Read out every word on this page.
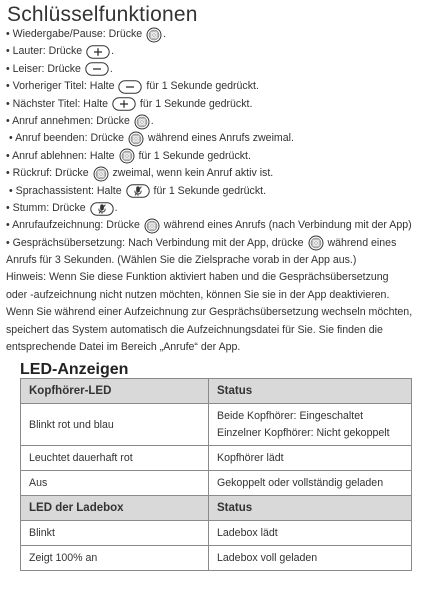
Schlüsselfunktionen
• Wiedergabe/Pause: Drücke .
• Lauter: Drücke .
• Leiser: Drücke .
• Vorheriger Titel: Halte für 1 Sekunde gedrückt.
• Nächster Titel: Halte für 1 Sekunde gedrückt.
• Anruf annehmen: Drücke .
• Anruf beenden: Drücke während eines Anrufs zweimal.
• Anruf ablehnen: Halte für 1 Sekunde gedrückt.
• Rückruf: Drücke zweimal, wenn kein Anruf aktiv ist.
• Sprachassistent: Halte für 1 Sekunde gedrückt.
• Stumm: Drücke .
• Anrufaufzeichnung: Drücke während eines Anrufs (nach Verbindung mit der App)
• Gesprächsübersetzung: Nach Verbindung mit der App, drücke während eines
Anrufs für 3 Sekunden. (Wählen Sie die Zielsprache vorab in der App aus.)
Hinweis: Wenn Sie diese Funktion aktiviert haben und die Gesprächsübersetzung
oder -aufzeichnung nicht nutzen möchten, können Sie sie in der App deaktivieren.
Wenn Sie während einer Aufzeichnung zur Gesprächsübersetzung wechseln möchten,
speichert das System automatisch die Aufzeichnungsdatei für Sie. Sie finden die
entsprechende Datei im Bereich „Anrufe“ der App.
LED-Anzeigen
Kopfhörer-LED	Status

Blinkt rot und blau	Beide Kopfhörer: Eingeschaltet
Einzelner Kopfhörer: Nicht gekoppelt

Leuchtet dauerhaft rot	Kopfhörer lädt

Aus	Gekoppelt oder vollständig geladen

LED der Ladebox	Status

Blinkt	Ladebox lädt

Zeigt 100% an	Ladebox voll geladen
